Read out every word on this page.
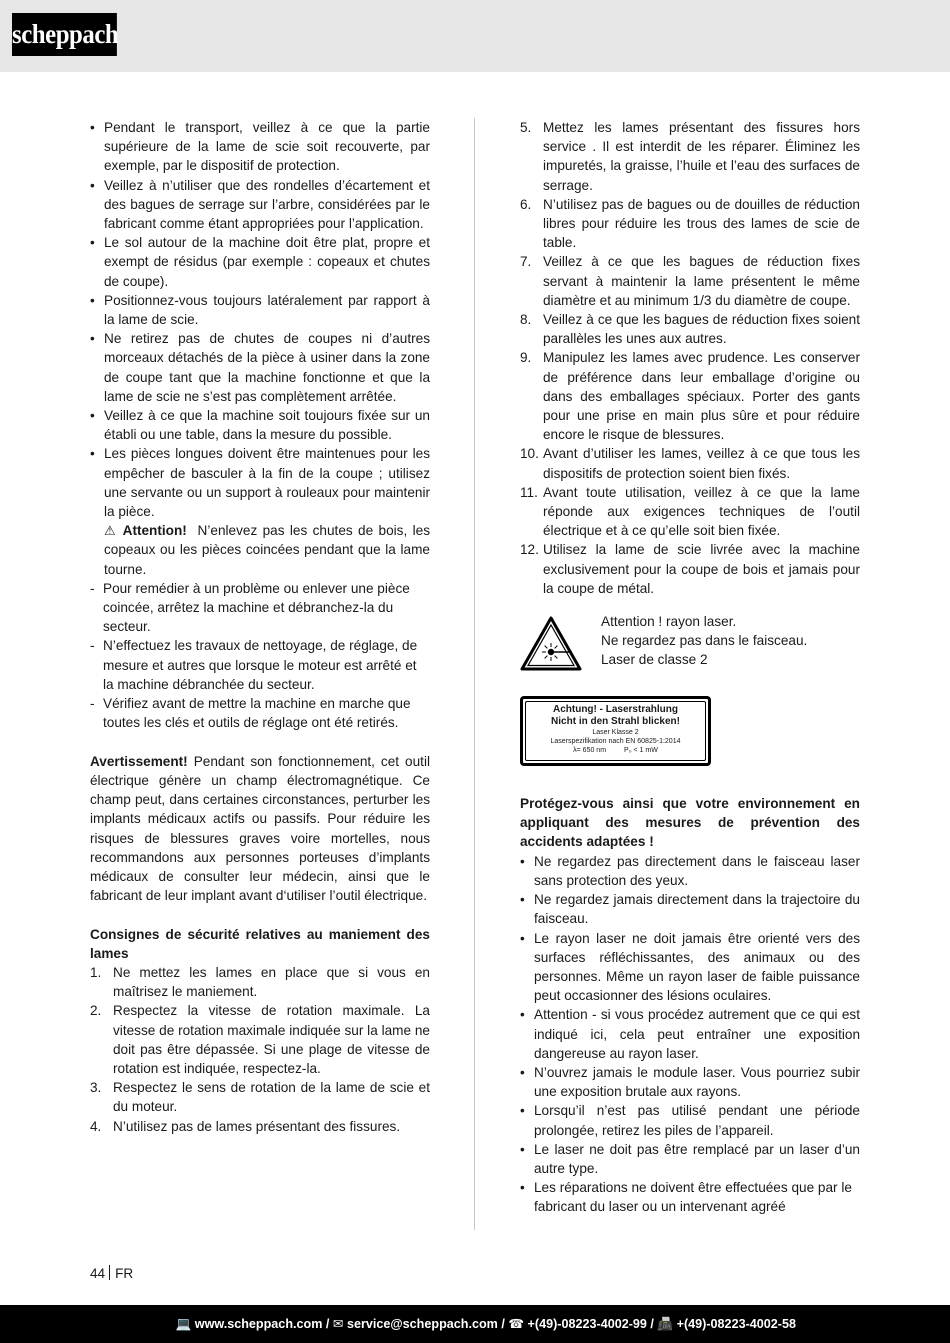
scheppach
• Pendant le transport, veillez à ce que la partie supérieure de la lame de scie soit recouverte, par exemple, par le dispositif de protection.
• Veillez à n’utiliser que des rondelles d’écartement et des bagues de serrage sur l’arbre, considérées par le fabricant comme étant appropriées pour l’application.
• Le sol autour de la machine doit être plat, propre et exempt de résidus (par exemple : copeaux et chutes de coupe).
• Positionnez-vous toujours latéralement par rapport à la lame de scie.
• Ne retirez pas de chutes de coupes ni d’autres morceaux détachés de la pièce à usiner dans la zone de coupe tant que la machine fonctionne et que la lame de scie ne s’est pas complètement arrêtée.
• Veillez à ce que la machine soit toujours fixée sur un établi ou une table, dans la mesure du possible.
• Les pièces longues doivent être maintenues pour les empêcher de basculer à la fin de la coupe ; utilisez une servante ou un support à rouleaux pour maintenir la pièce.
⚠ Attention! N’enlevez pas les chutes de bois, les copeaux ou les pièces coincées pendant que la lame tourne.
- Pour remédier à un problème ou enlever une pièce coincée, arrêtez la machine et débranchez-la du secteur.
- N’effectuez les travaux de nettoyage, de réglage, de mesure et autres que lorsque le moteur est arrêté et la machine débranchée du secteur.
- Vérifiez avant de mettre la machine en marche que toutes les clés et outils de réglage ont été retirés.

Avertissement! Pendant son fonctionnement, cet outil électrique génère un champ électromagnétique. Ce champ peut, dans certaines circonstances, perturber les implants médicaux actifs ou passifs. Pour réduire les risques de blessures graves voire mortelles, nous recommandons aux personnes porteuses d’implants médicaux de consulter leur médecin, ainsi que le fabricant de leur implant avant d‘utiliser l’outil électrique.

Consignes de sécurité relatives au maniement des lames

1. Ne mettez les lames en place que si vous en maîtrisez le maniement.
2. Respectez la vitesse de rotation maximale. La vitesse de rotation maximale indiquée sur la lame ne doit pas être dépassée. Si une plage de vitesse de rotation est indiquée, respectez-la.
3. Respectez le sens de rotation de la lame de scie et du moteur.
4. N’utilisez pas de lames présentant des fissures.
5. Mettez les lames présentant des fissures hors service . Il est interdit de les réparer. Éliminez les impuretés, la graisse, l’huile et l’eau des surfaces de serrage.
6. N’utilisez pas de bagues ou de douilles de réduction libres pour réduire les trous des lames de scie de table.
7. Veillez à ce que les bagues de réduction fixes servant à maintenir la lame présentent le même diamètre et au minimum 1/3 du diamètre de coupe.
8. Veillez à ce que les bagues de réduction fixes soient parallèles les unes aux autres.
9. Manipulez les lames avec prudence. Les conserver de préférence dans leur emballage d’origine ou dans des emballages spéciaux. Porter des gants pour une prise en main plus sûre et pour réduire encore le risque de blessures.
10. Avant d’utiliser les lames, veillez à ce que tous les dispositifs de protection soient bien fixés.
11. Avant toute utilisation, veillez à ce que la lame réponde aux exigences techniques de l’outil électrique et à ce qu’elle soit bien fixée.
12. Utilisez la lame de scie livrée avec la machine exclusivement pour la coupe de bois et jamais pour la coupe de métal.
Attention ! rayon laser.
Ne regardez pas dans le faisceau.
Laser de classe 2
Achtung! - Laserstrahlung
Nicht in den Strahl blicken!
Laser Klasse 2
Laserspezifikation nach EN 60825-1:2014
λ= 650 nm	P₀ < 1 mW

Protégez-vous ainsi que votre environnement en appliquant des mesures de prévention des accidents adaptées !

• Ne regardez pas directement dans le faisceau laser sans protection des yeux.
• Ne regardez jamais directement dans la trajectoire du faisceau.
• Le rayon laser ne doit jamais être orienté vers des surfaces réfléchissantes, des animaux ou des personnes. Même un rayon laser de faible puissance peut occasionner des lésions oculaires.
• Attention - si vous procédez autrement que ce qui est indiqué ici, cela peut entraîner une exposition dangereuse au rayon laser.
• N’ouvrez jamais le module laser. Vous pourriez subir une exposition brutale aux rayons.
• Lorsqu’il n’est pas utilisé pendant une période prolongée, retirez les piles de l’appareil.
• Le laser ne doit pas être remplacé par un laser d’un autre type.
• Les réparations ne doivent être effectuées que par le fabricant du laser ou un intervenant agréé
44 FR
💻 www.scheppach.com / ✉ service@scheppach.com / ☎ +(49)-08223-4002-99 / 📠 +(49)-08223-4002-58
